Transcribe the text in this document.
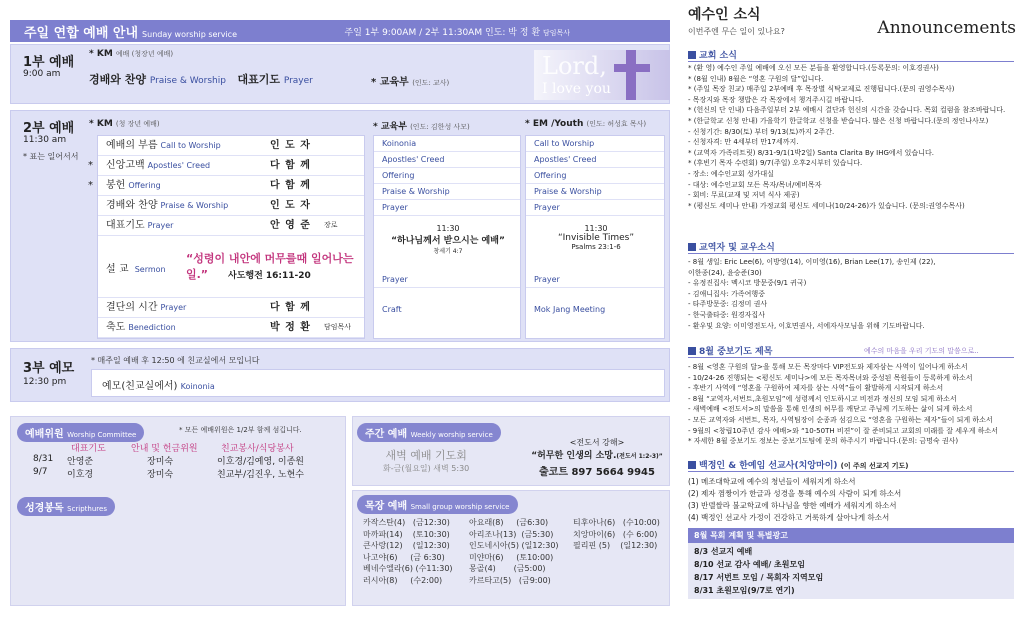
주일 연합 예배 안내 Sunday worship service	주일 1부 9:00AM / 2부 11:30AM 인도: 박 정 환 담임목사
1부 예배
9:00 am
* KM 예배 (청장년 예배)
경배와 찬양 Praise & Worship 대표기도 Prayer	* 교육부 (인도: 교사)
Lord,
I love you
2부 예배
11:30 am
* 표는 일어서서
* KM (청 장년 예배)
예배의 부름 Call to Worship	인 도 자
* 신앙고백 Apostles' Creed	다 함 께
* 봉헌 Offering	다 함 께
경배와 찬양 Praise & Worship	인 도 자
대표기도 Prayer	안 영 준 장로
설 교 Sermon
“성령이 내안에 머무를때 일어나는 일.”	사도행전 16:11-20
결단의 시간 Prayer	다 함 께
축도 Benediction	박 정 환 담임목사
* 교육부 (인도: 김한성 사모)
Koinonia
Apostles' Creed
Offering
Praise & Worship
Prayer
11:30
“하나님께서 받으시는 예배”
창세기 4:7
Prayer
Craft
* EM /Youth (인도: 허성효 목사)
Call to Worship
Apostles' Creed
Offering
Praise & Worship
Prayer
11:30
“Invisible Times”
Psalms 23:1-6
Prayer
Mok Jang Meeting
3부 예모
12:30 pm
* 매주일 예배 후 12:50 에 친교실에서 모입니다
예모(친교실에서) Koinonia
예배위원 Worship Committee
* 모든 예배위원은 1/2부 함께 섬깁니다.
대표기도	안내 및 헌금위원	친교봉사/식당봉사
8/31 안영준	장미숙	이호경/김예영, 이종원
9/7 이호경	장미숙	친교부/김진우, 노현수
성경봉독 Scripthures
주간 예배 Weekly worship service
새벽 예배 기도회
화-금(월요일) 새벽 5:30
<전도서 강해>
“허무한 인생의 소망.(전도서 1:2-3)”
출코트 897 5664 9945
목장 예배 Small group worship service
카작스탄(4)   (금12:30)
마까파(14)    (토10:30)
큰사랑(12)    (일12:30)
나고야(6)     (금 6:30)
베네수엘라(6) (수11:30)
러시아(8)     (수2:00)
아요래(8)     (금6:30)
아리조나(13)  (금5:30)
인도네시아(5) (일12:30)
미얀마(6)     (토10:00)
몽골(4)       (금5:00)
카르타고(5)   (금9:00)
티후아나(6)   (수10:00)
치앙마이(6)   (수 6:00)
필리핀 (5)    (일12:30)
예수인 소식
이번주엔 무슨 일이 있나요?	Announcements
교회 소식
* (환 영) 예수인 주일 예배에 오신 모든 분들을 환영합니다.(등록문의: 이호경권사)
* (8월 인내) 8월은 “영혼 구원의 달”입니다.
* (주일 목장 친교) 매주일 2부예배 후 목장별 식탁교제로 진행됩니다.(문의 권영수목사)
- 목장지와 목장 챙밥은 각 목장에서 챙겨주시길 바랍니다.
* (헌신의 단 인내) 다음주일부터 2부 예배시 결단과 헌신의 시간을 갖습니다. 목회 컬럼을 참조바랍니다.
* (한글학교 신청 안내) 가을학기 한글학교 신청을 받습니다. 많은 신청 바랍니다.(문의 정인나사모)
- 신청기간: 8/30(토) 부터 9/13(토)까지 2주간.
- 신청자격: 만 4세부터 만17세까지.
* (교역자 가족리트릿) 8/31-9/1(1박2일) Santa Clarita By IHG에서 있습니다.
* (후빈기 목자 수련회) 9/7(주일) 오후2시부터 있습니다.
- 장소: 예수인교회 성가대실
- 대상: 예수인교회 모든 목자/목녀/예비목자
- 회비: 무료(교재 및 저녁 식사 제공)
* (평신도 세미나 안내) 가정교회 평신도 세미나(10/24-26)가 있습니다. (문의:권영수목사)
교역자 및 교우소식
- 8월 생일: Eric Lee(6), 이방영(14), 이미영(16), Brian Lee(17), 송인제 (22),
이한종(24), 윤승준(30)
- 유정진집사: 멕시코 방문중(9/1 귀국)
- 김애니집사: 가족여행중
- 타주방문중: 김정미 권사
- 한국출타중: 원경자집사
- 환우및 요양: 이미영전도사, 이호면권사, 서에자사모님을 위해 기도바랍니다.
8월 중보기도 제목	예수의 마음을 우리 기도의 말씀으로..
- 8월 <영혼 구원의 달>을 통해 모든 목장마다 VIP전도와 제자삼는 사역이 일어나게 하소서
- 10/24-26 진행되는 <평신도 세미나>에 모든 목자목녀와 중성된 목원들이 등록하게 하소서
- 후반기 사역에 “영혼을 구원하여 제자를 삼는 사역”들이 활발하게 시작되게 하소서
- 8월 “교역자,서번트,초원모임”에 성령께서 인도하시고 비전과 정신의 모임 되게 하소서
- 새벽예배 <전도서>의 말씀을 통해 인생의 허무를 깨닫고 주님께 기도하는 삶이 되게 하소서
- 모든 교역자와 서번트, 목자, 사역팀장이 순종과 섬김으로 “영혼을 구원하는 제자”들이 되게 하소서
- 9월의 <창립10주년 감사 예배>와 “10-50TH 비젼”이 잘 준비되고 교회의 미래를 잘 세우게 하소서
* 자세한 8월 중보기도 정보는 중보기도팀에 문의 하주시기 바랍니다.(문의: 금명숙 권사)
백정인 & 한예임 선교사(치앙마이) (이 주의 선교지 기도)
(1) 메조대학교에 예수의 청년들이 세워지게 하소서
(2) 제자 껌짱이가 한글과 성경을 통해 예수의 사람이 되게 하소서
(3) 반델쌀라 불교학교에 하나님을 향한 예배가 세워지게 하소서
(4) 백정인 선교사 가정이 건강하고 거룩하게 살아나게 하소서
8월 목회 계획 및 특별광고
8/3 선교지 예배
8/10 선교 감사 예배/ 초원모임
8/17 서번트 모임 / 목회자 지역모임
8/31 초원모임(9/7로 연기)
